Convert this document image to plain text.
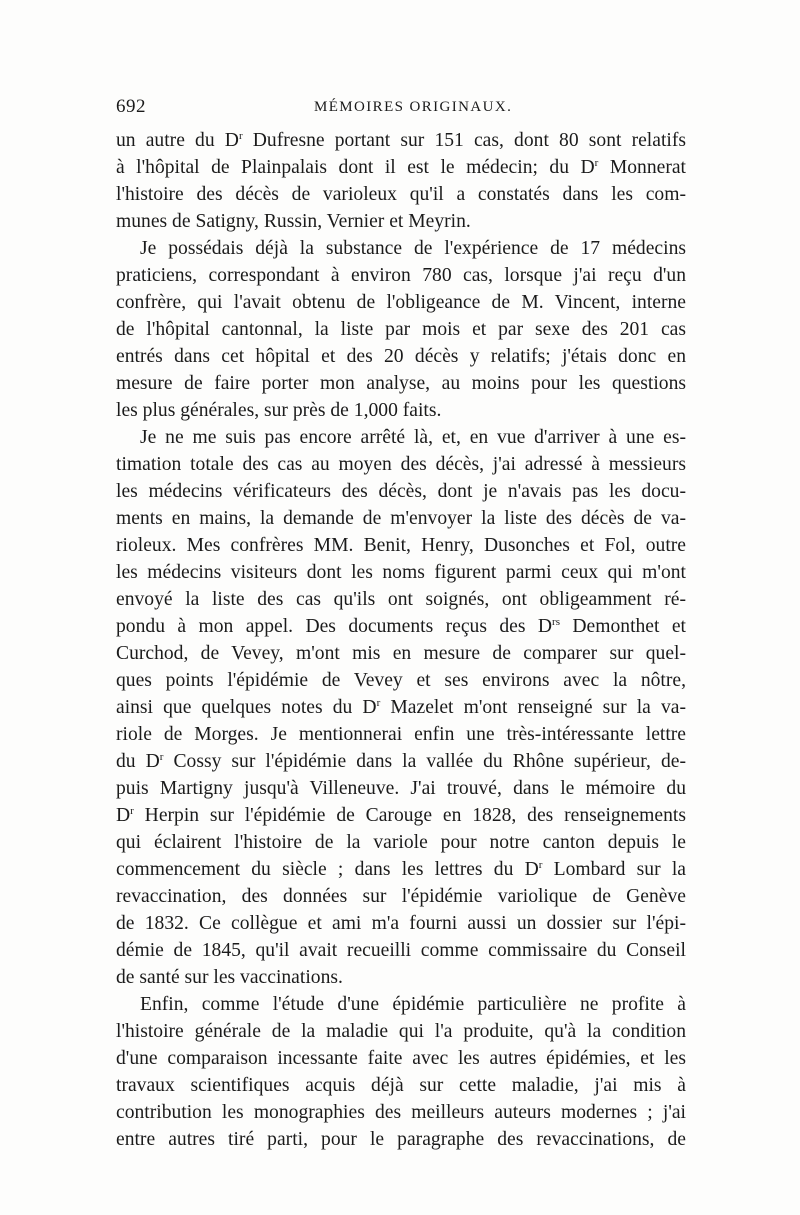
692	MÉMOIRES ORIGINAUX.
un autre du $D^r$ Dufresne portant sur 151 cas, dont 80 sont relatifs
à l'hôpital de Plainpalais dont il est le médecin; du $D^r$ Monnerat
l'histoire des décès de varioleux qu'il a constatés dans les com-
munes de Satigny, Russin, Vernier et Meyrin.
Je possédais déjà la substance de l'expérience de 17 médecins
praticiens, correspondant à environ 780 cas, lorsque j'ai reçu d'un
confrère, qui l'avait obtenu de l'obligeance de M. Vincent, interne
de l'hôpital cantonnal, la liste par mois et par sexe des 201 cas
entrés dans cet hôpital et des 20 décès y relatifs; j'étais donc en
mesure de faire porter mon analyse, au moins pour les questions
les plus générales, sur près de 1,000 faits.
Je ne me suis pas encore arrêté là, et, en vue d'arriver à une es-
timation totale des cas au moyen des décès, j'ai adressé à messieurs
les médecins vérificateurs des décès, dont je n'avais pas les docu-
ments en mains, la demande de m'envoyer la liste des décès de va-
rioleux. Mes confrères MM. Benit, Henry, Dusonches et Fol, outre
les médecins visiteurs dont les noms figurent parmi ceux qui m'ont
envoyé la liste des cas qu'ils ont soignés, ont obligeamment ré-
pondu à mon appel. Des documents reçus des $D^{rs}$ Demonthet et
Curchod, de Vevey, m'ont mis en mesure de comparer sur quel-
ques points l'épidémie de Vevey et ses environs avec la nôtre,
ainsi que quelques notes du $D^r$ Mazelet m'ont renseigné sur la va-
riole de Morges. Je mentionnerai enfin une très-intéressante lettre
du $D^r$ Cossy sur l'épidémie dans la vallée du Rhône supérieur, de-
puis Martigny jusqu'à Villeneuve. J'ai trouvé, dans le mémoire du
$D^r$ Herpin sur l'épidémie de Carouge en 1828, des renseignements
qui éclairent l'histoire de la variole pour notre canton depuis le
commencement du siècle ; dans les lettres du $D^r$ Lombard sur la
revaccination, des données sur l'épidémie variolique de Genève
de 1832. Ce collègue et ami m'a fourni aussi un dossier sur l'épi-
démie de 1845, qu'il avait recueilli comme commissaire du Conseil
de santé sur les vaccinations.
Enfin, comme l'étude d'une épidémie particulière ne profite à
l'histoire générale de la maladie qui l'a produite, qu'à la condition
d'une comparaison incessante faite avec les autres épidémies, et les
travaux scientifiques acquis déjà sur cette maladie, j'ai mis à
contribution les monographies des meilleurs auteurs modernes ; j'ai
entre autres tiré parti, pour le paragraphe des revaccinations, de
